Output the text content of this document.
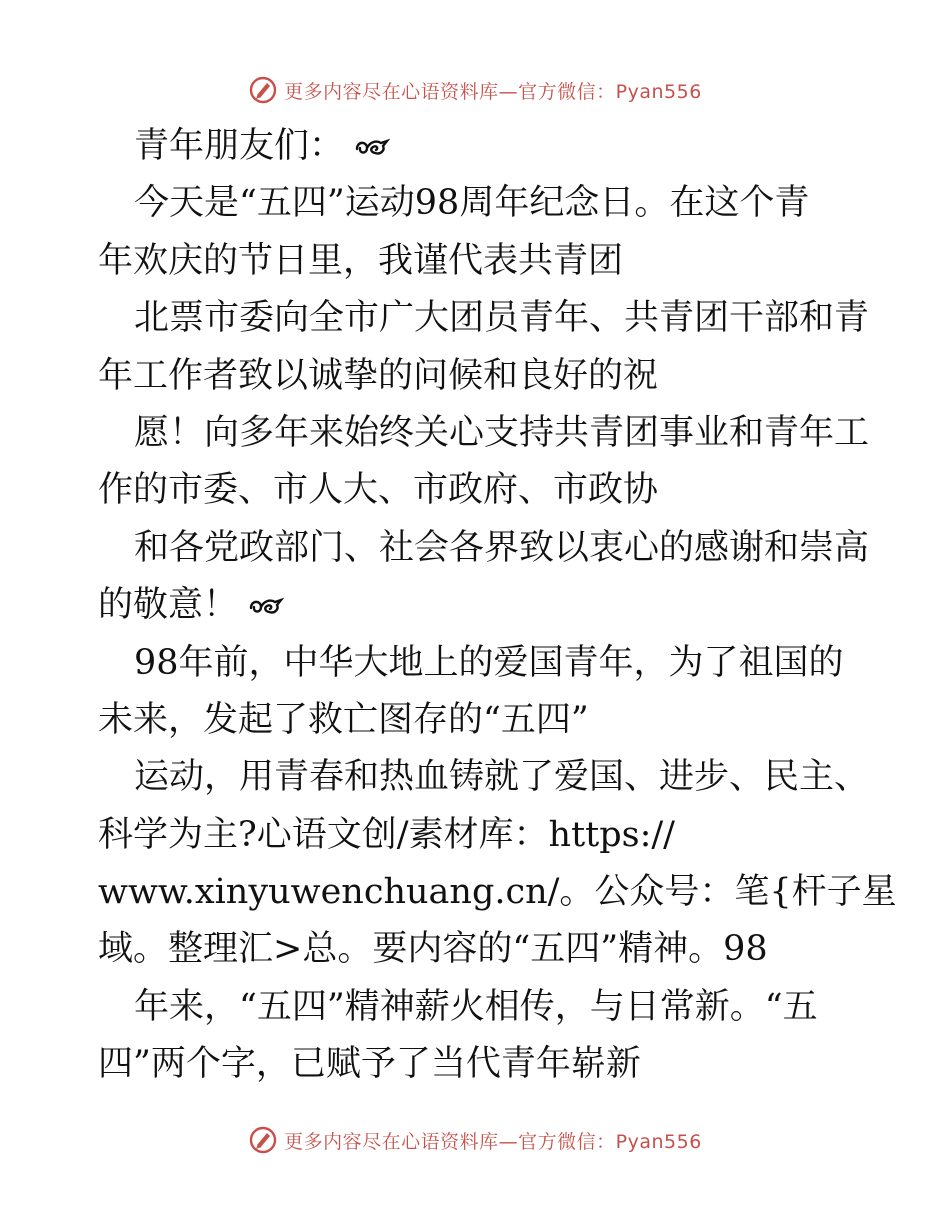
更多内容尽在心语资料库—官方微信：Pyan556
青年朋友们：
今天是“五四”运动98周年纪念日。在这个青
年欢庆的节日里，我谨代表共青团
北票市委向全市广大团员青年、共青团干部和青
年工作者致以诚挚的问候和良好的祝
愿！向多年来始终关心支持共青团事业和青年工
作的市委、市人大、市政府、市政协
和各党政部门、社会各界致以衷心的感谢和崇高
的敬意！
98年前，中华大地上的爱国青年，为了祖国的
未来，发起了救亡图存的“五四”
运动，用青春和热血铸就了爱国、进步、民主、
科学为主?心语文创/素材库：https://
www.xinyuwenchuang.cn/。公众号：笔{杆子星
域。整理汇>总。要内容的“五四”精神。98
年来，“五四”精神薪火相传，与日常新。“五
四”两个字，已赋予了当代青年崭新
更多内容尽在心语资料库—官方微信：Pyan556
